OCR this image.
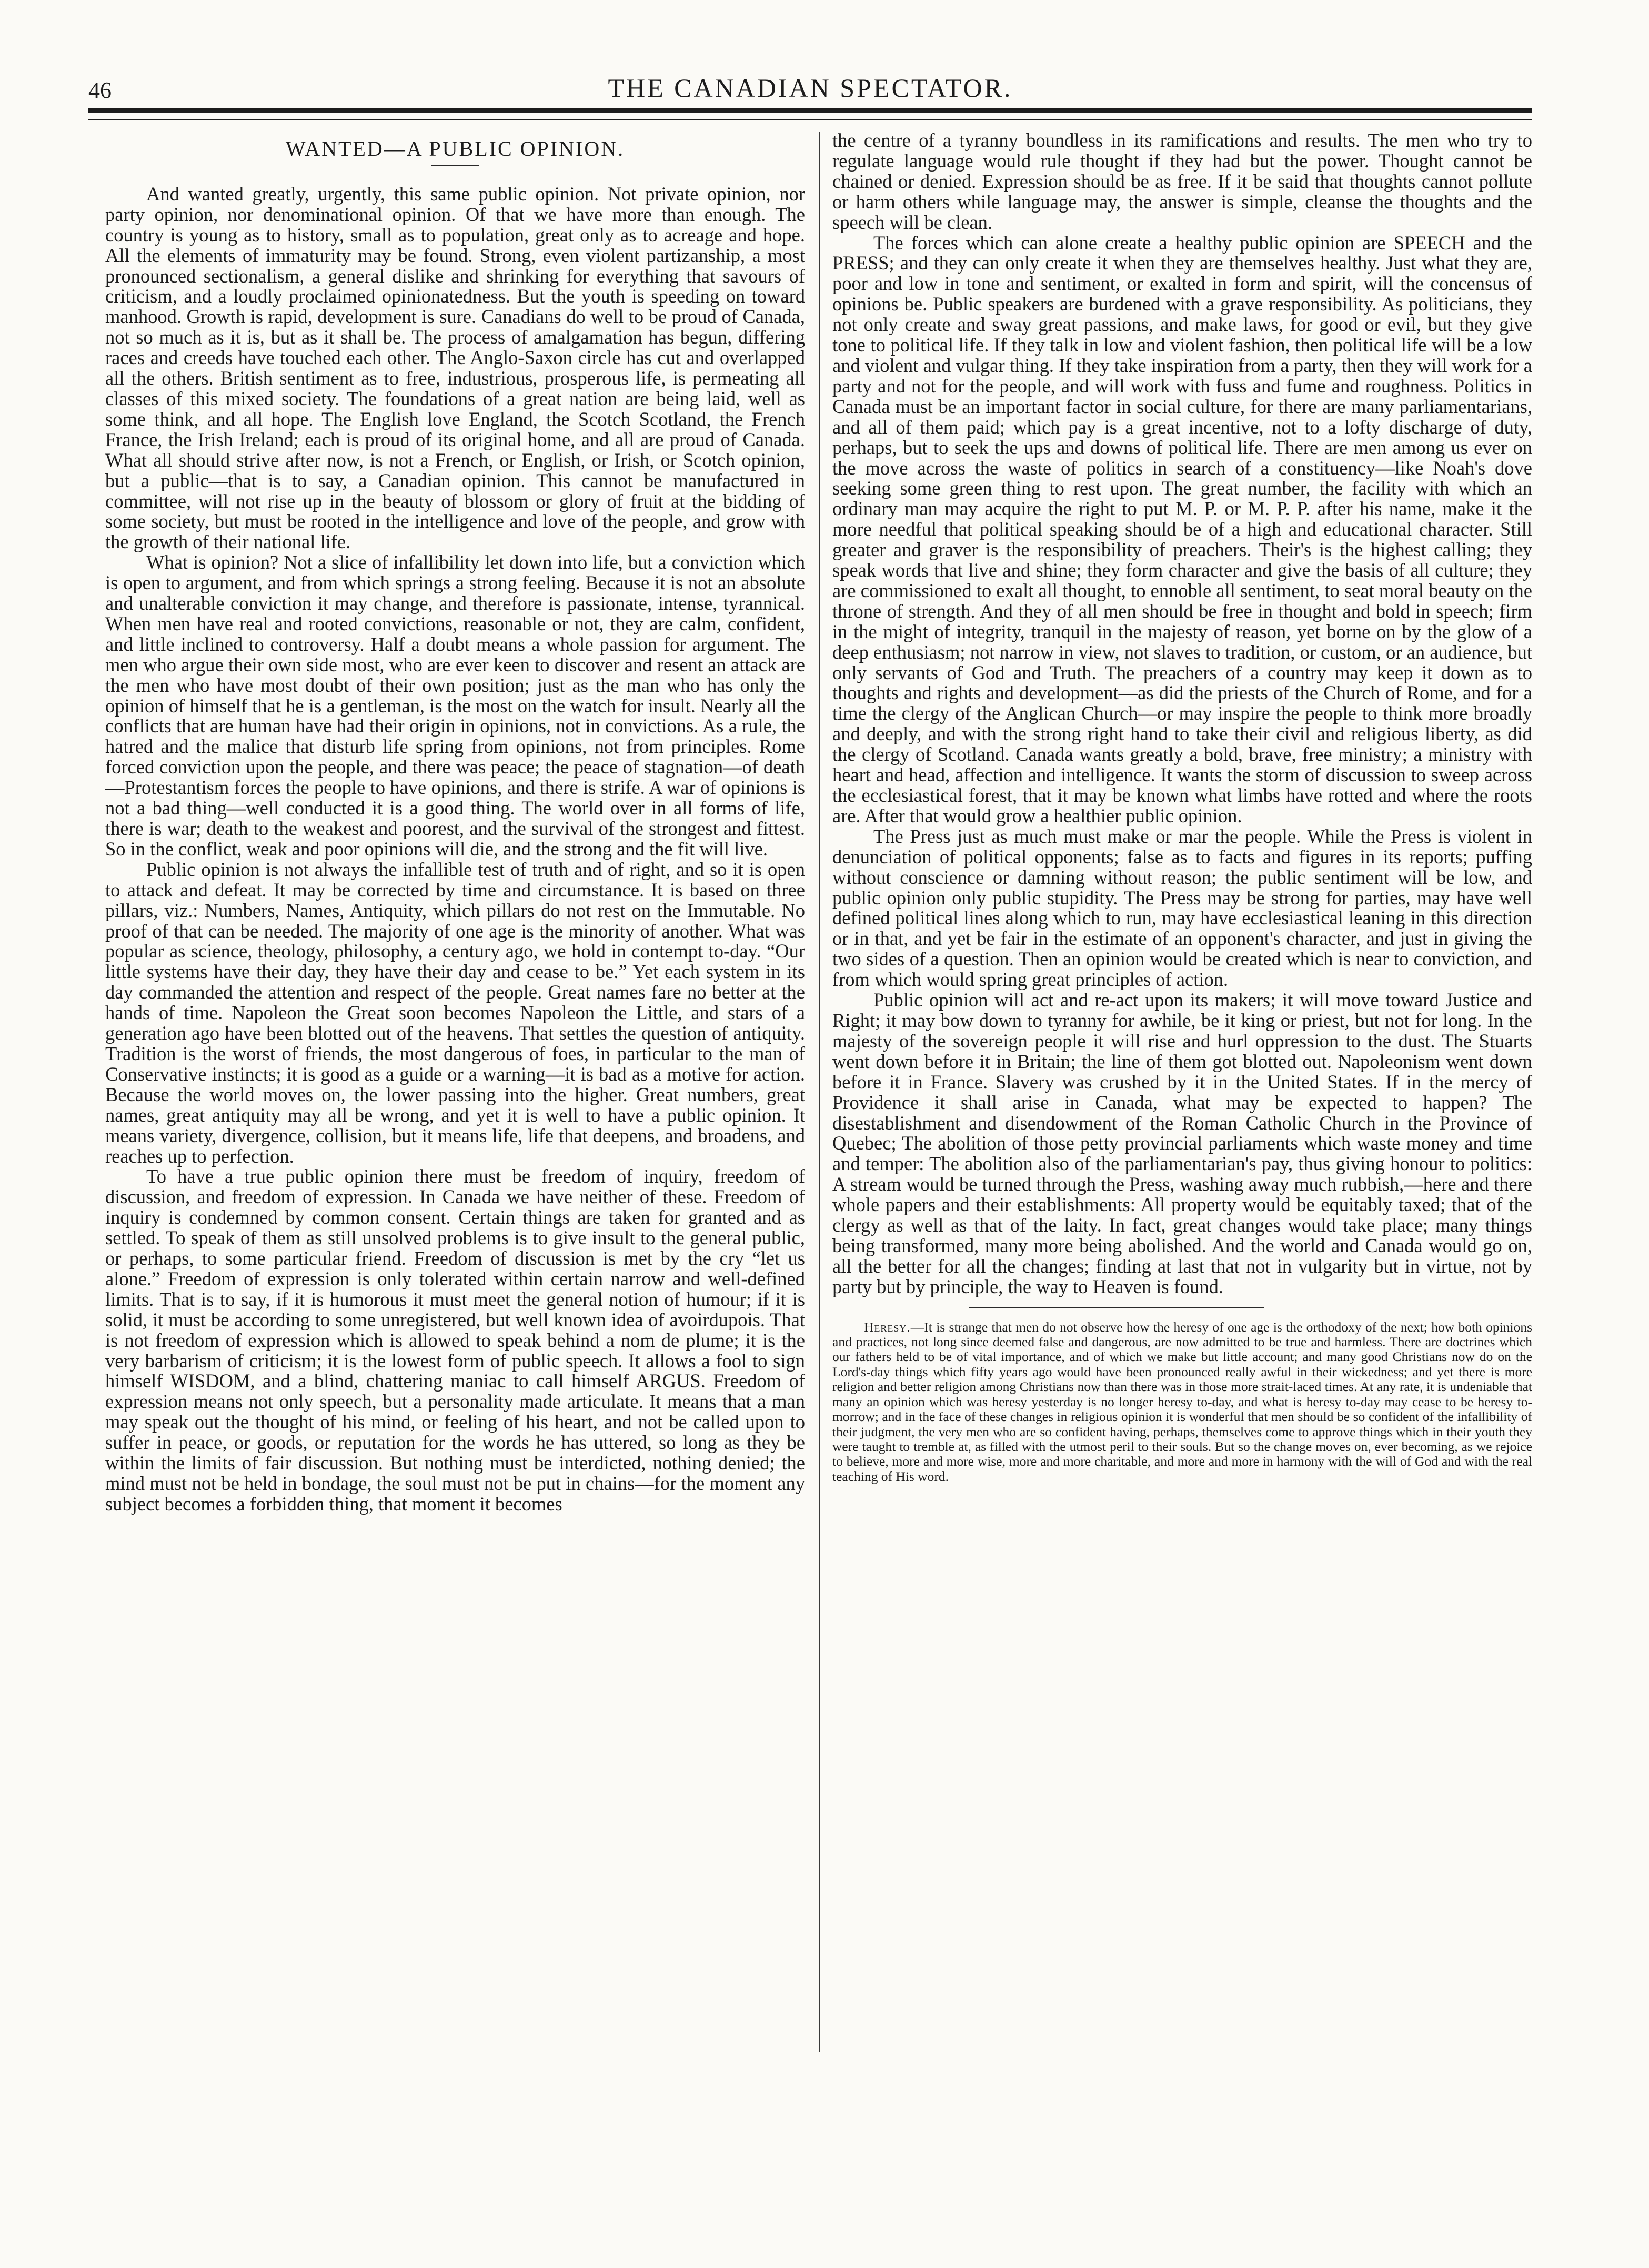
46	THE CANADIAN SPECTATOR.
WANTED—A PUBLIC OPINION.

And wanted greatly, urgently, this same public opinion. Not private opinion, nor party opinion, nor denominational opinion. Of that we have more than enough. The country is young as to history, small as to population, great only as to acreage and hope. All the elements of immaturity may be found. Strong, even violent partizanship, a most pronounced sectionalism, a general dislike and shrinking for everything that savours of criticism, and a loudly proclaimed opinionatedness. But the youth is speeding on toward manhood. Growth is rapid, development is sure. Canadians do well to be proud of Canada, not so much as it is, but as it shall be. The process of amalgamation has begun, differing races and creeds have touched each other. The Anglo-Saxon circle has cut and overlapped all the others. British sentiment as to free, industrious, prosperous life, is permeating all classes of this mixed society. The foundations of a great nation are being laid, well as some think, and all hope. The English love England, the Scotch Scotland, the French France, the Irish Ireland; each is proud of its original home, and all are proud of Canada. What all should strive after now, is not a French, or English, or Irish, or Scotch opinion, but a public—that is to say, a Canadian opinion. This cannot be manufactured in committee, will not rise up in the beauty of blossom or glory of fruit at the bidding of some society, but must be rooted in the intelligence and love of the people, and grow with the growth of their national life.

What is opinion? Not a slice of infallibility let down into life, but a conviction which is open to argument, and from which springs a strong feeling. Because it is not an absolute and unalterable conviction it may change, and therefore is passionate, intense, tyrannical. When men have real and rooted convictions, reasonable or not, they are calm, confident, and little inclined to controversy. Half a doubt means a whole passion for argument. The men who argue their own side most, who are ever keen to discover and resent an attack are the men who have most doubt of their own position; just as the man who has only the opinion of himself that he is a gentleman, is the most on the watch for insult. Nearly all the conflicts that are human have had their origin in opinions, not in convictions. As a rule, the hatred and the malice that disturb life spring from opinions, not from principles. Rome forced conviction upon the people, and there was peace; the peace of stagnation—of death—Protestantism forces the people to have opinions, and there is strife. A war of opinions is not a bad thing—well conducted it is a good thing. The world over in all forms of life, there is war; death to the weakest and poorest, and the survival of the strongest and fittest. So in the conflict, weak and poor opinions will die, and the strong and the fit will live.

Public opinion is not always the infallible test of truth and of right, and so it is open to attack and defeat. It may be corrected by time and circumstance. It is based on three pillars, viz.: Numbers, Names, Antiquity, which pillars do not rest on the Immutable. No proof of that can be needed. The majority of one age is the minority of another. What was popular as science, theology, philosophy, a century ago, we hold in contempt to-day. “Our little systems have their day, they have their day and cease to be.” Yet each system in its day commanded the attention and respect of the people. Great names fare no better at the hands of time. Napoleon the Great soon becomes Napoleon the Little, and stars of a generation ago have been blotted out of the heavens. That settles the question of antiquity. Tradition is the worst of friends, the most dangerous of foes, in particular to the man of Conservative instincts; it is good as a guide or a warning—it is bad as a motive for action. Because the world moves on, the lower passing into the higher. Great numbers, great names, great antiquity may all be wrong, and yet it is well to have a public opinion. It means variety, divergence, collision, but it means life, life that deepens, and broadens, and reaches up to perfection.

To have a true public opinion there must be freedom of inquiry, freedom of discussion, and freedom of expression. In Canada we have neither of these. Freedom of inquiry is condemned by common consent. Certain things are taken for granted and as settled. To speak of them as still unsolved problems is to give insult to the general public, or perhaps, to some particular friend. Freedom of discussion is met by the cry “let us alone.” Freedom of expression is only tolerated within certain narrow and well-defined limits. That is to say, if it is humorous it must meet the general notion of humour; if it is solid, it must be according to some unregistered, but well known idea of avoirdupois. That is not freedom of expression which is allowed to speak behind a nom de plume; it is the very barbarism of criticism; it is the lowest form of public speech. It allows a fool to sign himself WISDOM, and a blind, chattering maniac to call himself ARGUS. Freedom of expression means not only speech, but a personality made articulate. It means that a man may speak out the thought of his mind, or feeling of his heart, and not be called upon to suffer in peace, or goods, or reputation for the words he has uttered, so long as they be within the limits of fair discussion. But nothing must be interdicted, nothing denied; the mind must not be held in bondage, the soul must not be put in chains—for the moment any subject becomes a forbidden thing, that moment it becomes

the centre of a tyranny boundless in its ramifications and results. The men who try to regulate language would rule thought if they had but the power. Thought cannot be chained or denied. Expression should be as free. If it be said that thoughts cannot pollute or harm others while language may, the answer is simple, cleanse the thoughts and the speech will be clean.

The forces which can alone create a healthy public opinion are SPEECH and the PRESS; and they can only create it when they are themselves healthy. Just what they are, poor and low in tone and sentiment, or exalted in form and spirit, will the concensus of opinions be. Public speakers are burdened with a grave responsibility. As politicians, they not only create and sway great passions, and make laws, for good or evil, but they give tone to political life. If they talk in low and violent fashion, then political life will be a low and violent and vulgar thing. If they take inspiration from a party, then they will work for a party and not for the people, and will work with fuss and fume and roughness. Politics in Canada must be an important factor in social culture, for there are many parliamentarians, and all of them paid; which pay is a great incentive, not to a lofty discharge of duty, perhaps, but to seek the ups and downs of political life. There are men among us ever on the move across the waste of politics in search of a constituency—like Noah's dove seeking some green thing to rest upon. The great number, the facility with which an ordinary man may acquire the right to put M. P. or M. P. P. after his name, make it the more needful that political speaking should be of a high and educational character. Still greater and graver is the responsibility of preachers. Their's is the highest calling; they speak words that live and shine; they form character and give the basis of all culture; they are commissioned to exalt all thought, to ennoble all sentiment, to seat moral beauty on the throne of strength. And they of all men should be free in thought and bold in speech; firm in the might of integrity, tranquil in the majesty of reason, yet borne on by the glow of a deep enthusiasm; not narrow in view, not slaves to tradition, or custom, or an audience, but only servants of God and Truth. The preachers of a country may keep it down as to thoughts and rights and development—as did the priests of the Church of Rome, and for a time the clergy of the Anglican Church—or may inspire the people to think more broadly and deeply, and with the strong right hand to take their civil and religious liberty, as did the clergy of Scotland. Canada wants greatly a bold, brave, free ministry; a ministry with heart and head, affection and intelligence. It wants the storm of discussion to sweep across the ecclesiastical forest, that it may be known what limbs have rotted and where the roots are. After that would grow a healthier public opinion.

The Press just as much must make or mar the people. While the Press is violent in denunciation of political opponents; false as to facts and figures in its reports; puffing without conscience or damning without reason; the public sentiment will be low, and public opinion only public stupidity. The Press may be strong for parties, may have well defined political lines along which to run, may have ecclesiastical leaning in this direction or in that, and yet be fair in the estimate of an opponent's character, and just in giving the two sides of a question. Then an opinion would be created which is near to conviction, and from which would spring great principles of action.

Public opinion will act and re-act upon its makers; it will move toward Justice and Right; it may bow down to tyranny for awhile, be it king or priest, but not for long. In the majesty of the sovereign people it will rise and hurl oppression to the dust. The Stuarts went down before it in Britain; the line of them got blotted out. Napoleonism went down before it in France. Slavery was crushed by it in the United States. If in the mercy of Providence it shall arise in Canada, what may be expected to happen? The disestablishment and disendowment of the Roman Catholic Church in the Province of Quebec; The abolition of those petty provincial parliaments which waste money and time and temper: The abolition also of the parliamentarian's pay, thus giving honour to politics: A stream would be turned through the Press, washing away much rubbish,—here and there whole papers and their establishments: All property would be equitably taxed; that of the clergy as well as that of the laity. In fact, great changes would take place; many things being transformed, many more being abolished. And the world and Canada would go on, all the better for all the changes; finding at last that not in vulgarity but in virtue, not by party but by principle, the way to Heaven is found.

Heresy.—It is strange that men do not observe how the heresy of one age is the orthodoxy of the next; how both opinions and practices, not long since deemed false and dangerous, are now admitted to be true and harmless. There are doctrines which our fathers held to be of vital importance, and of which we make but little account; and many good Christians now do on the Lord's-day things which fifty years ago would have been pronounced really awful in their wickedness; and yet there is more religion and better religion among Christians now than there was in those more strait-laced times. At any rate, it is undeniable that many an opinion which was heresy yesterday is no longer heresy to-day, and what is heresy to-day may cease to be heresy to-morrow; and in the face of these changes in religious opinion it is wonderful that men should be so confident of the infallibility of their judgment, the very men who are so confident having, perhaps, themselves come to approve things which in their youth they were taught to tremble at, as filled with the utmost peril to their souls. But so the change moves on, ever becoming, as we rejoice to believe, more and more wise, more and more charitable, and more and more in harmony with the will of God and with the real teaching of His word.
